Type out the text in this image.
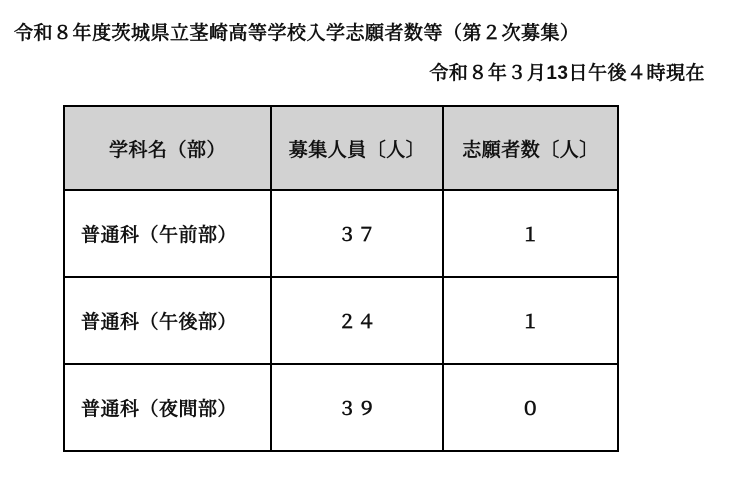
令和８年度茨城県立茎崎高等学校入学志願者数等（第２次募集）
令和８年３月13日午後４時現在
学科名（部）	募集人員〔人〕	志願者数〔人〕
普通科（午前部）	３７	１
普通科（午後部）	２４	１
普通科（夜間部）	３９	０
